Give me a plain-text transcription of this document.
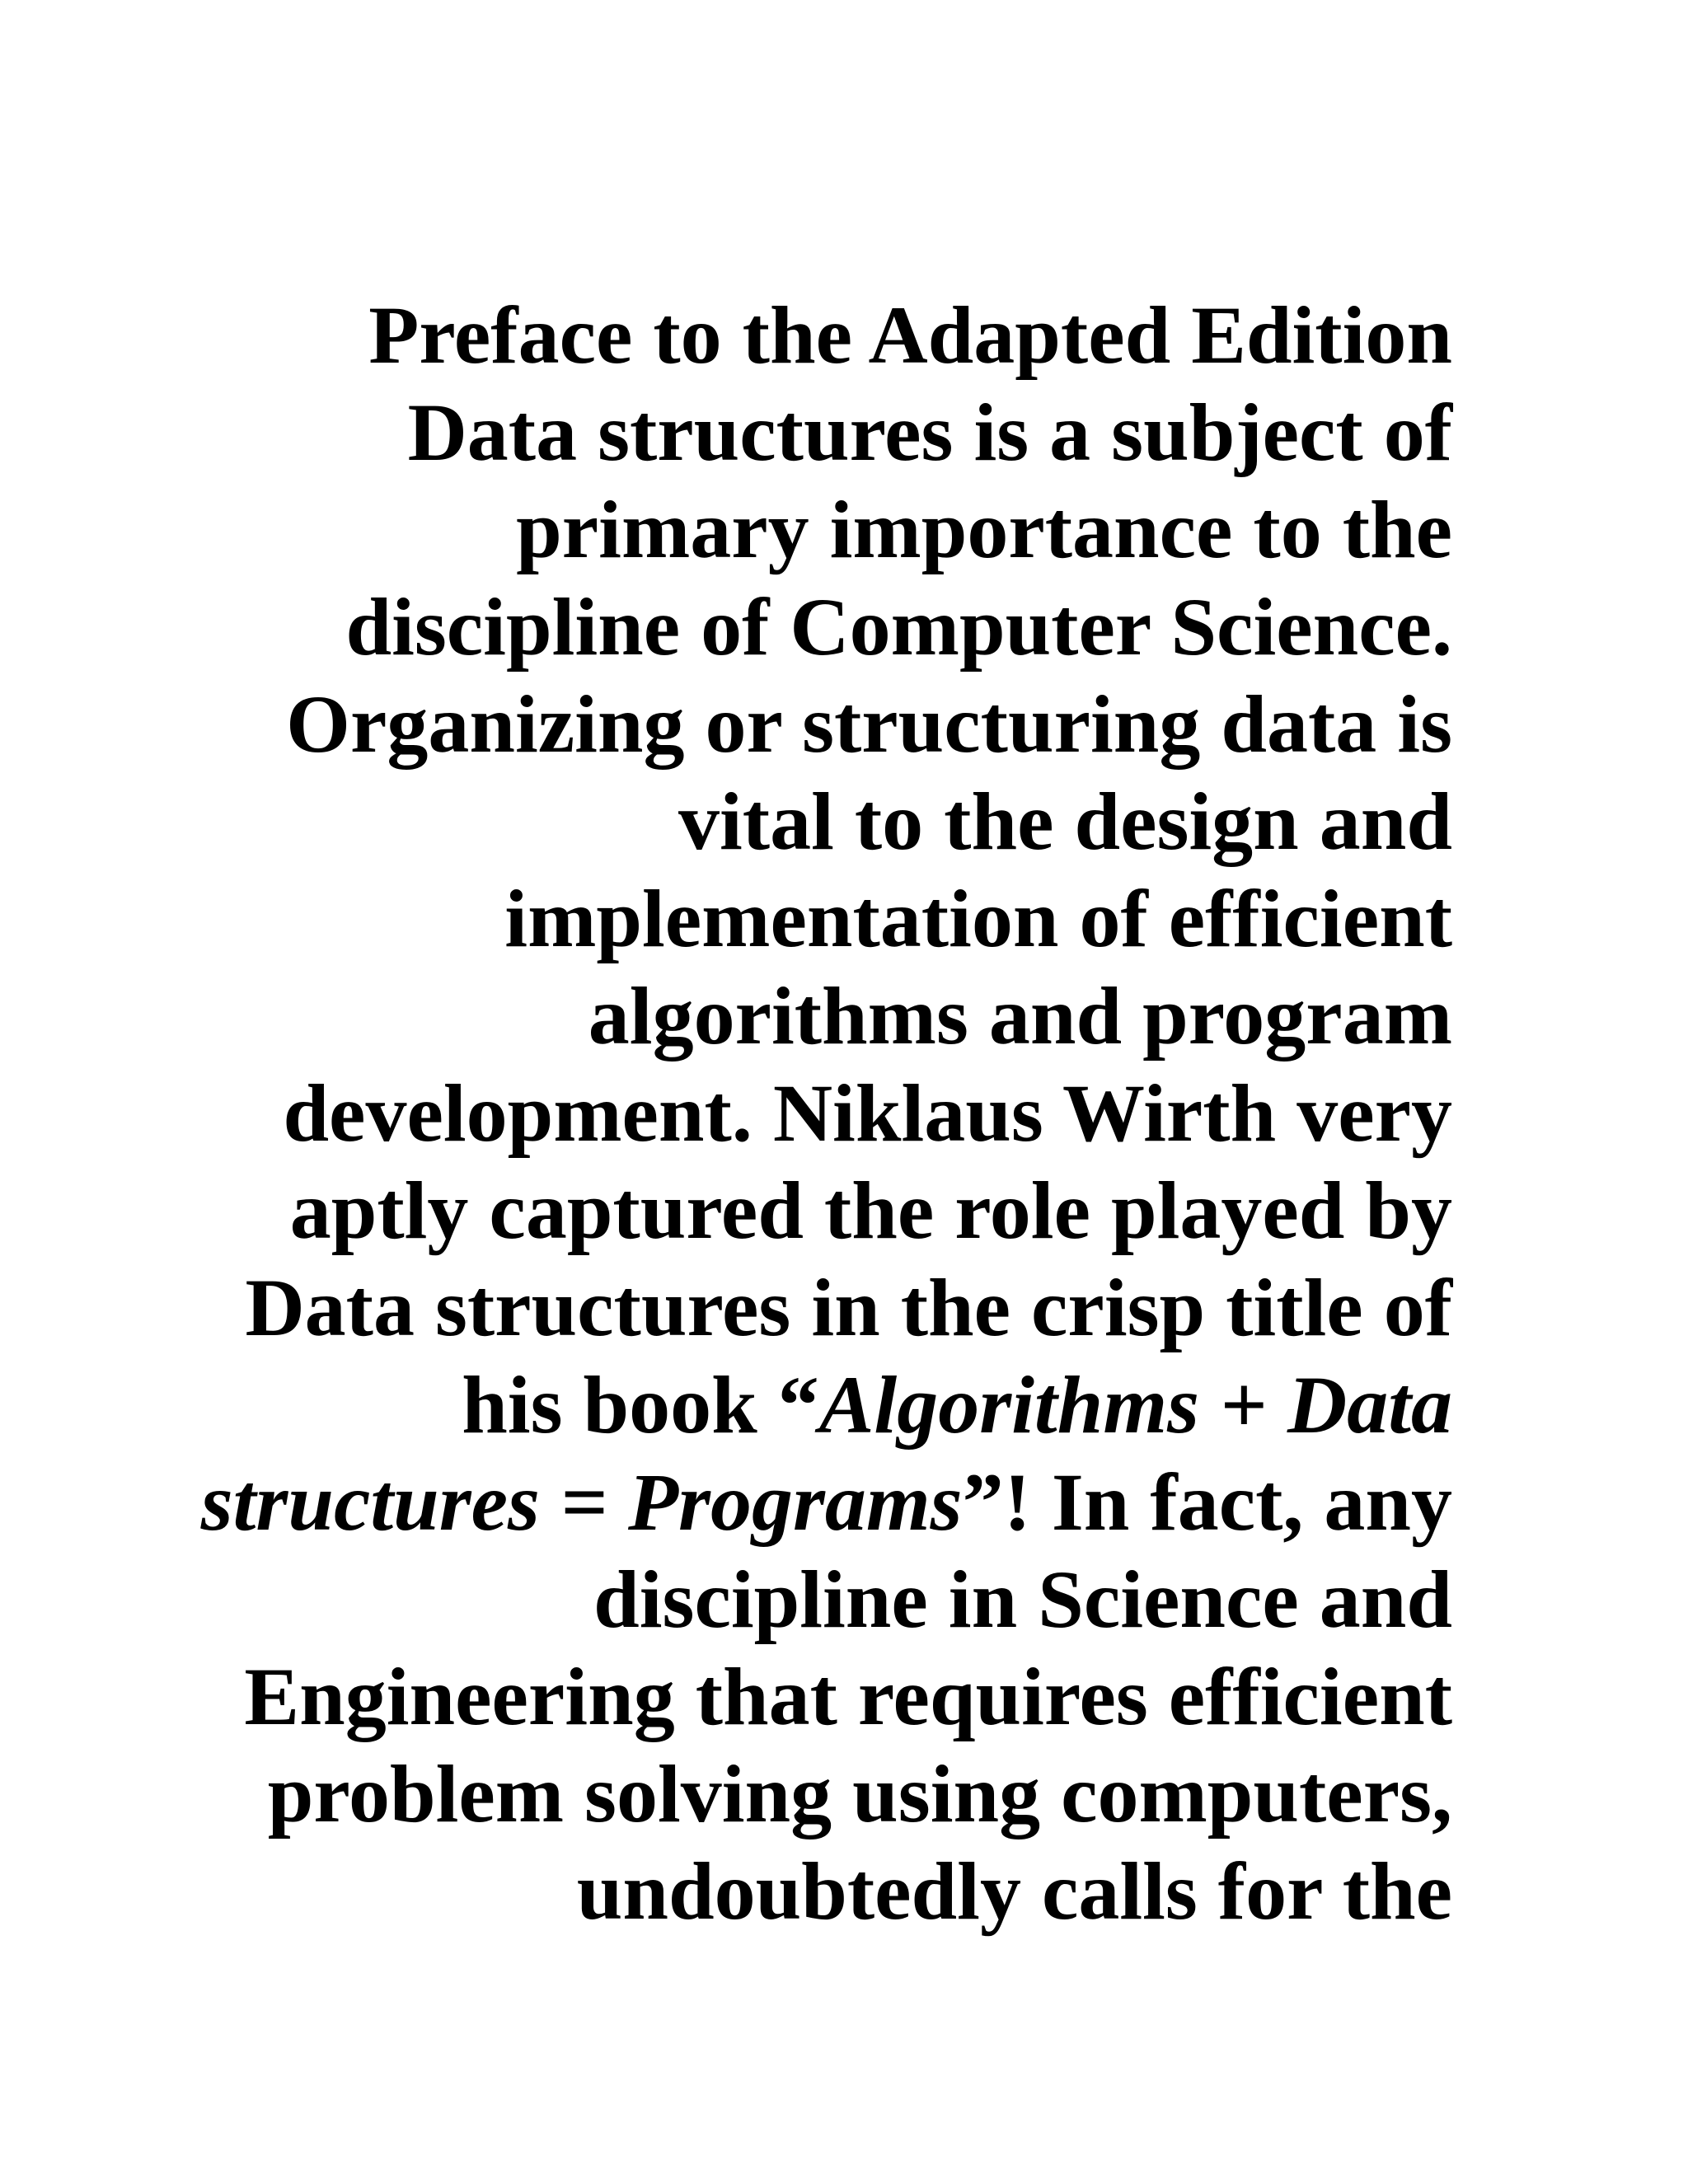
Preface to the Adapted Edition
Data structures is a subject of
primary importance to the
discipline of Computer Science.
Organizing or structuring data is
vital to the design and
implementation of efficient
algorithms and program
development. Niklaus Wirth very
aptly captured the role played by
Data structures in the crisp title of
his book “Algorithms + Data
structures = Programs”! In fact, any
discipline in Science and
Engineering that requires efficient
problem solving using computers,
undoubtedly calls for the
